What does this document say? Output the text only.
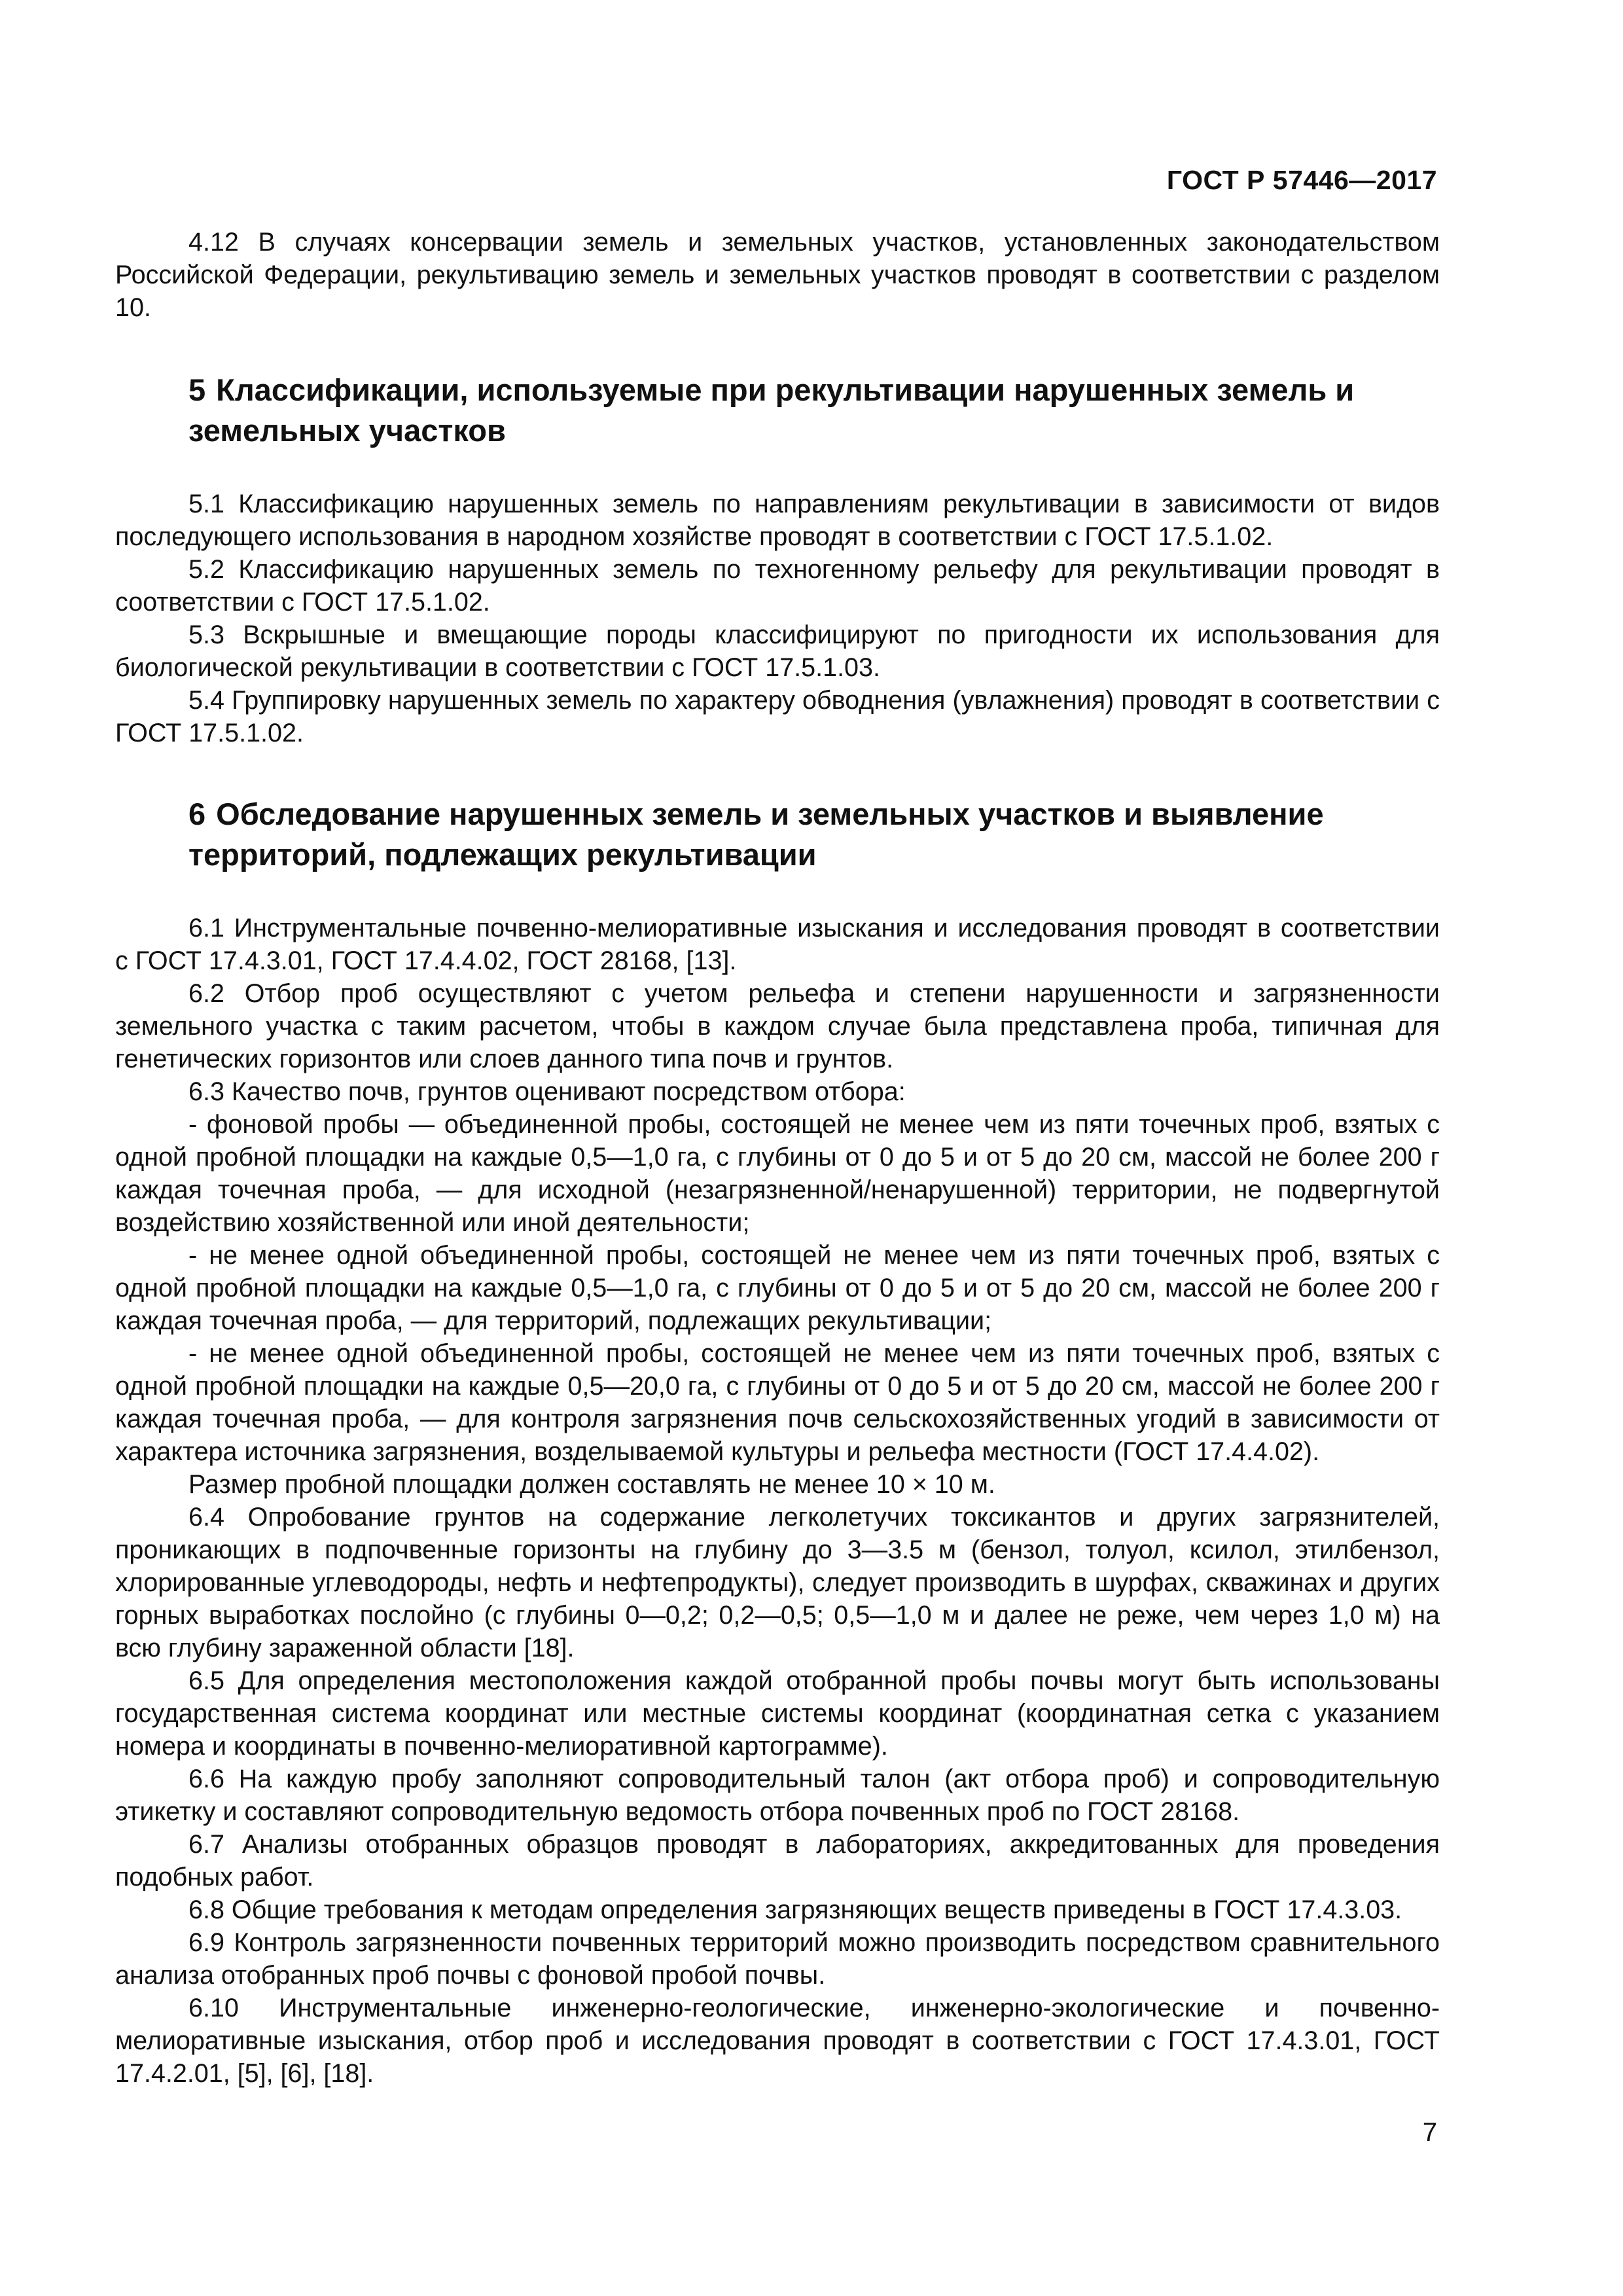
ГОСТ Р 57446—2017

4.12 В случаях консервации земель и земельных участков, установленных законодательством Российской Федерации, рекультивацию земель и земельных участков проводят в соответствии с разделом 10.

5 Классификации, используемые при рекультивации нарушенных земель и земельных участков

5.1 Классификацию нарушенных земель по направлениям рекультивации в зависимости от видов последующего использования в народном хозяйстве проводят в соответствии с ГОСТ 17.5.1.02.

5.2 Классификацию нарушенных земель по техногенному рельефу для рекультивации проводят в соответствии с ГОСТ 17.5.1.02.

5.3 Вскрышные и вмещающие породы классифицируют по пригодности их использования для биологической рекультивации в соответствии с ГОСТ 17.5.1.03.

5.4 Группировку нарушенных земель по характеру обводнения (увлажнения) проводят в соответствии с ГОСТ 17.5.1.02.

6 Обследование нарушенных земель и земельных участков и выявление территорий, подлежащих рекультивации

6.1 Инструментальные почвенно-мелиоративные изыскания и исследования проводят в соответствии с ГОСТ 17.4.3.01, ГОСТ 17.4.4.02, ГОСТ 28168, [13].

6.2 Отбор проб осуществляют с учетом рельефа и степени нарушенности и загрязненности земельного участка с таким расчетом, чтобы в каждом случае была представлена проба, типичная для генетических горизонтов или слоев данного типа почв и грунтов.

6.3 Качество почв, грунтов оценивают посредством отбора:

- фоновой пробы — объединенной пробы, состоящей не менее чем из пяти точечных проб, взятых с одной пробной площадки на каждые 0,5—1,0 га, с глубины от 0 до 5 и от 5 до 20 см, массой не более 200 г каждая точечная проба, — для исходной (незагрязненной/ненарушенной) территории, не подвергнутой воздействию хозяйственной или иной деятельности;

- не менее одной объединенной пробы, состоящей не менее чем из пяти точечных проб, взятых с одной пробной площадки на каждые 0,5—1,0 га, с глубины от 0 до 5 и от 5 до 20 см, массой не более 200 г каждая точечная проба, — для территорий, подлежащих рекультивации;

- не менее одной объединенной пробы, состоящей не менее чем из пяти точечных проб, взятых с одной пробной площадки на каждые 0,5—20,0 га, с глубины от 0 до 5 и от 5 до 20 см, массой не более 200 г каждая точечная проба, — для контроля загрязнения почв сельскохозяйственных угодий в зависимости от характера источника загрязнения, возделываемой культуры и рельефа местности (ГОСТ 17.4.4.02).

Размер пробной площадки должен составлять не менее 10 × 10 м.

6.4 Опробование грунтов на содержание легколетучих токсикантов и других загрязнителей, проникающих в подпочвенные горизонты на глубину до 3—3.5 м (бензол, толуол, ксилол, этилбензол, хлорированные углеводороды, нефть и нефтепродукты), следует производить в шурфах, скважинах и других горных выработках послойно (с глубины 0—0,2; 0,2—0,5; 0,5—1,0 м и далее не реже, чем через 1,0 м) на всю глубину зараженной области [18].

6.5 Для определения местоположения каждой отобранной пробы почвы могут быть использованы государственная система координат или местные системы координат (координатная сетка с указанием номера и координаты в почвенно-мелиоративной картограмме).

6.6 На каждую пробу заполняют сопроводительный талон (акт отбора проб) и сопроводительную этикетку и составляют сопроводительную ведомость отбора почвенных проб по ГОСТ 28168.

6.7 Анализы отобранных образцов проводят в лабораториях, аккредитованных для проведения подобных работ.

6.8 Общие требования к методам определения загрязняющих веществ приведены в ГОСТ 17.4.3.03.

6.9 Контроль загрязненности почвенных территорий можно производить посредством сравнительного анализа отобранных проб почвы с фоновой пробой почвы.

6.10 Инструментальные инженерно-геологические, инженерно-экологические и почвенно-мелиоративные изыскания, отбор проб и исследования проводят в соответствии с ГОСТ 17.4.3.01, ГОСТ 17.4.2.01, [5], [6], [18].

7
